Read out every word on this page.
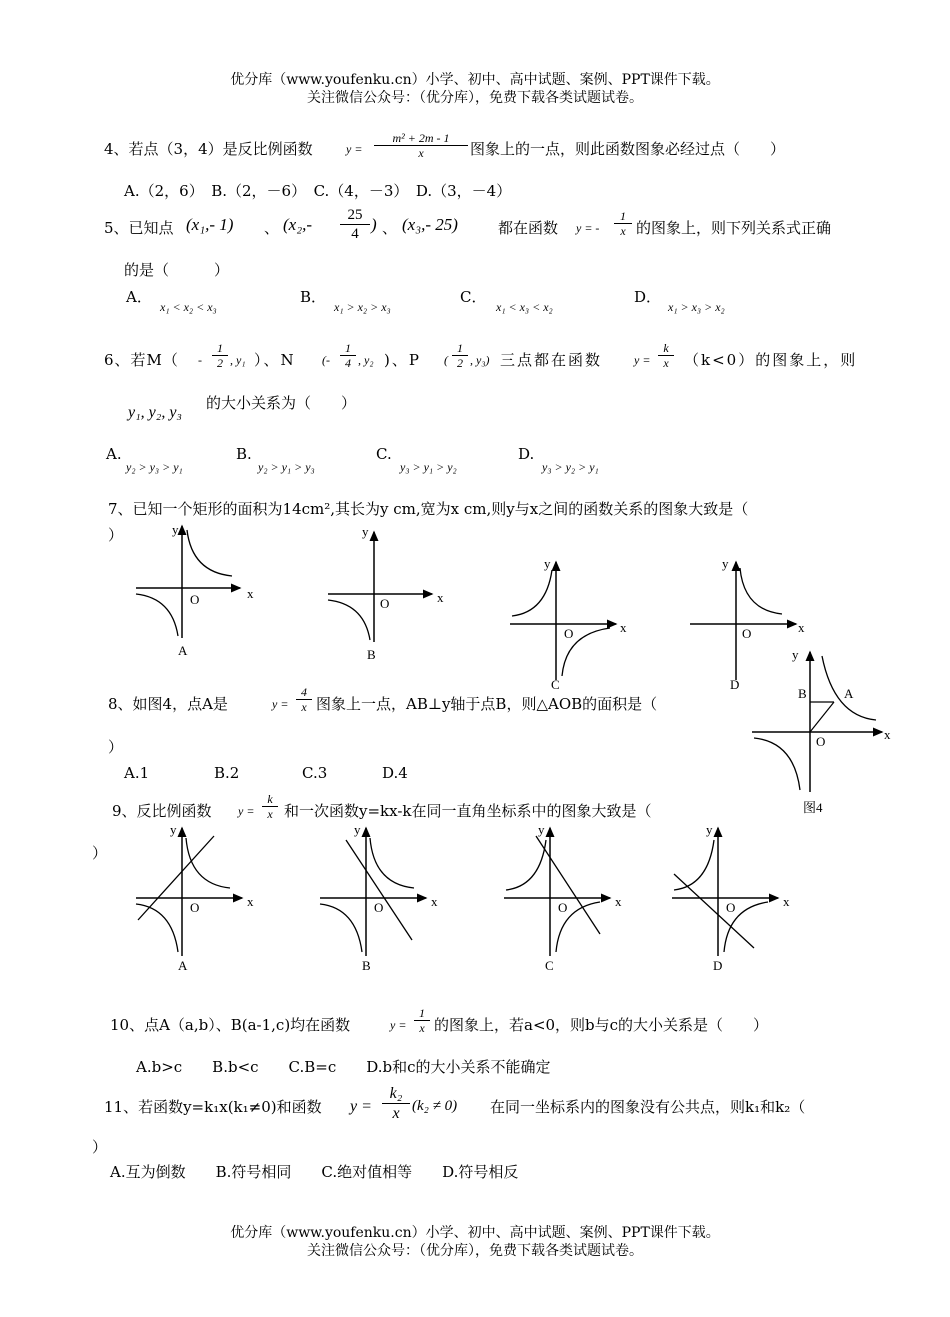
优分库（www.youfenku.cn）小学、初中、高中试题、案例、PPT课件下载。
关注微信公众号：（优分库），免费下载各类试题试卷。
4、若点（3，4）是反比例函数	$y = \frac{\text{m² + 2m - 1}}{x}$ 图象上的一点，则此函数图象必经过点（　　）
A.（2，6）　B.（2，－6）　C.（4，－3）　D.（3，－4）
5、已知点 (x₁,- 1) 、 ($x_2,- \frac{25}{4}$ ) 、 (x₃,- 25)	都在函数 y = - $\frac{1}{x}$ 的图象上，则下列关系式正确
的是（　　　）
A．
x₁ < x₂ < x₃
B．
x₁ > x₂ > x₃
C．
x₁ < x₃ < x₂
D．
x₁ > x₃ > x₂
6、若$M( - \frac{1}{2}$ , y₁ ）、N (- $\frac{1}{4}$ , y₂ )、P ( $\frac{1}{2}$ , y₃) 三点都在函数	$y = \frac{k}{x} (k<0)$的图象上，则
y₁, y₂, y₃
的大小关系为（　　）
A.
y₂ > y₃ > y₁
B.
y₂ > y₁ > y₃
C.
y₃ > y₁ > y₂
D.
y₃ > y₂ > y₁
7、已知一个矩形的面积为14cm²,其长为y cm,宽为x cm,则y与x之间的函数关系的图象大致是（
）	y
x
O
A
y
x
O
B
y
x
O
C
y
x
O
D
8、如图4，点A是	$y = \frac{4}{x}$ 图象上一点，AB⊥y轴于点B，则△AOB的面积是（
）
A.1	B.2	C.3	D.4
y
x
O
B	A
图4
9、反比例函数 $y = \frac{k}{x}$ 和一次函数y=kx-k在同一直角坐标系中的图象大致是（
）
y
x
O
A
y
x
O
B
y
x
O
C
y
x
O
D
10、点A（a,b）、B(a-1,c)均在函数	$y = \frac{1}{x}$ 的图象上，若a<0，则b与c的大小关系是（　　）
A.b>c　　B.b<c　　C.B=c　　D.b和c的大小关系不能确定
11、若函数y=k₁x(k₁≠0)和函数 $y = \frac{\text{k₂}}{x} (k_2 \ne 0)$ 在同一坐标系内的图象没有公共点，则k₁和k₂（
）
A.互为倒数　　B.符号相同　　C.绝对值相等　　D.符号相反
优分库（www.youfenku.cn）小学、初中、高中试题、案例、PPT课件下载。
关注微信公众号：（优分库），免费下载各类试题试卷。
